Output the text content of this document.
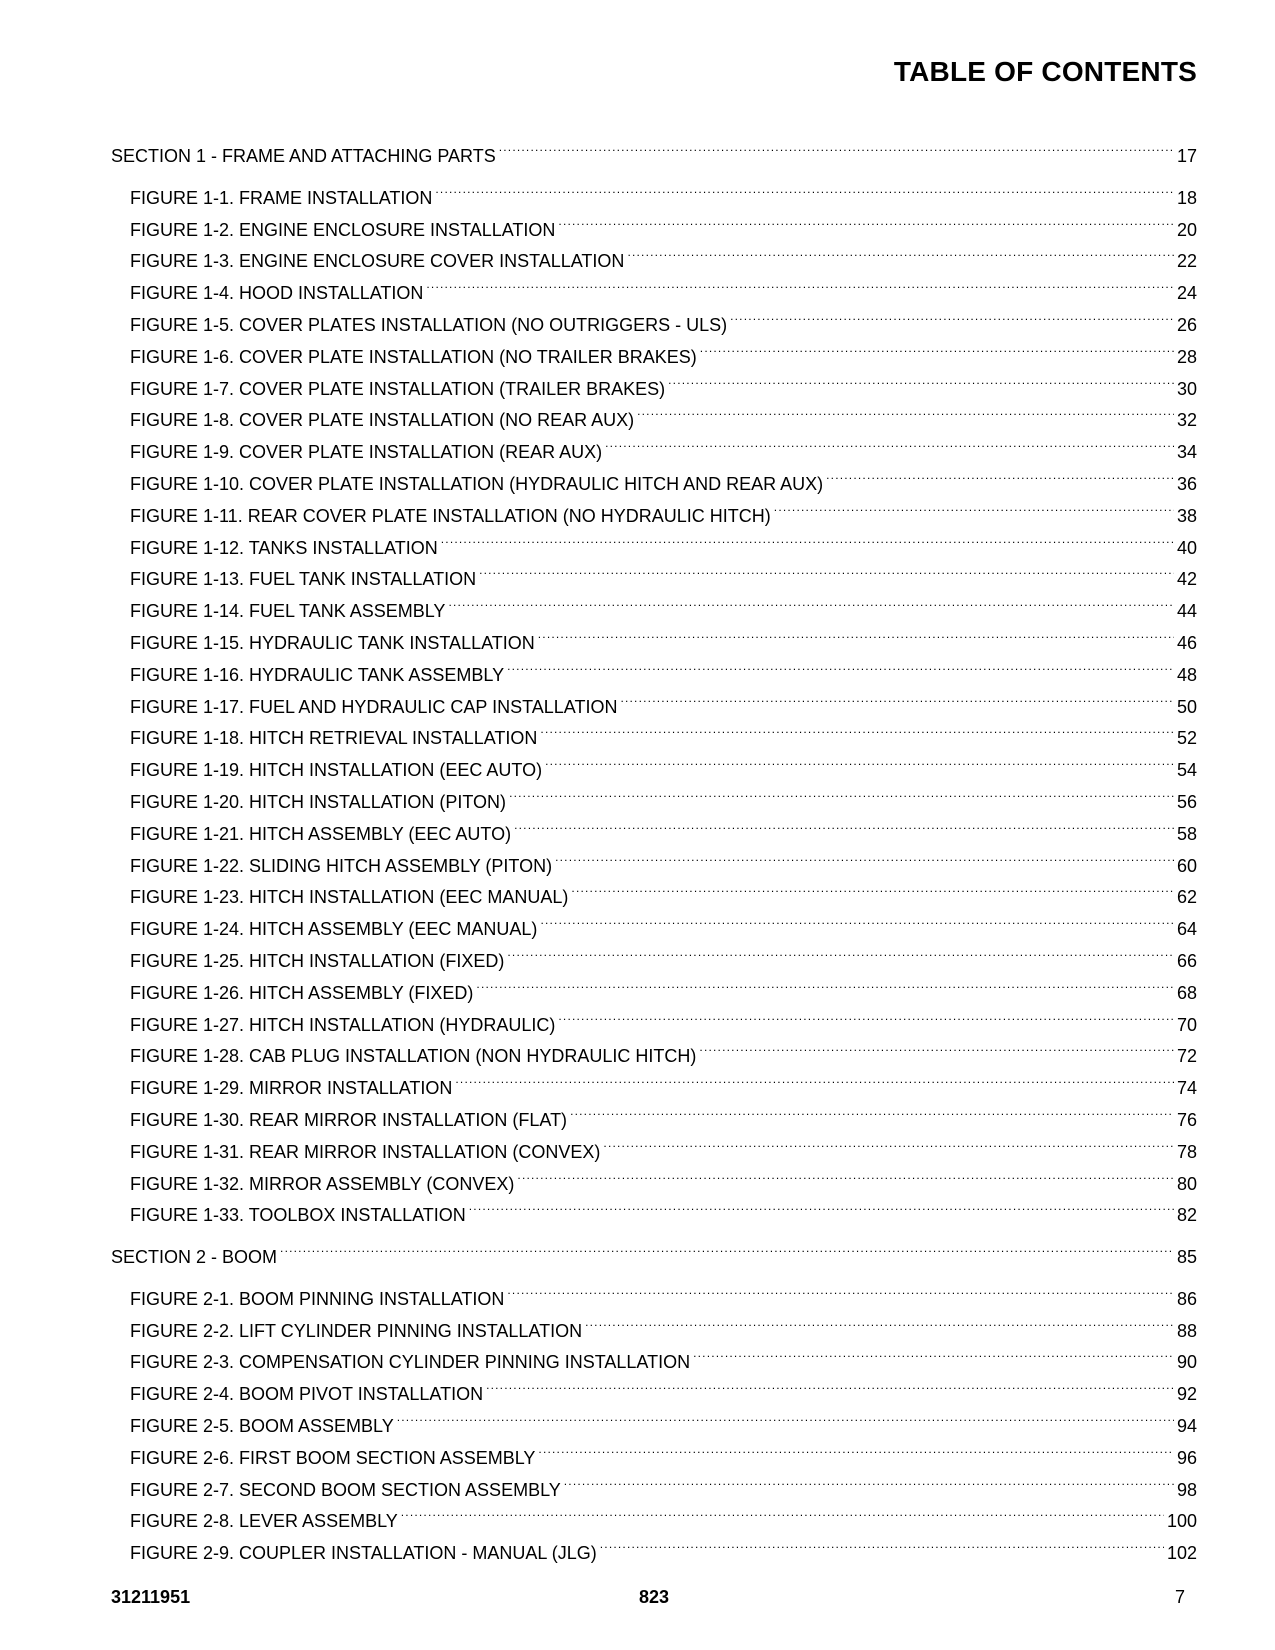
TABLE OF CONTENTS
SECTION 1 - FRAME AND ATTACHING PARTS .....	17
FIGURE 1-1. FRAME INSTALLATION .....	18
FIGURE 1-2. ENGINE ENCLOSURE INSTALLATION .....	20
FIGURE 1-3. ENGINE ENCLOSURE COVER INSTALLATION .....	22
FIGURE 1-4. HOOD INSTALLATION .....	24
FIGURE 1-5. COVER PLATES INSTALLATION (NO OUTRIGGERS - ULS) .....	26
FIGURE 1-6. COVER PLATE INSTALLATION (NO TRAILER BRAKES) .....	28
FIGURE 1-7. COVER PLATE INSTALLATION (TRAILER BRAKES) .....	30
FIGURE 1-8. COVER PLATE INSTALLATION (NO REAR AUX) .....	32
FIGURE 1-9. COVER PLATE INSTALLATION (REAR AUX) .....	34
FIGURE 1-10. COVER PLATE INSTALLATION (HYDRAULIC HITCH AND REAR AUX) .....	36
FIGURE 1-11. REAR COVER PLATE INSTALLATION (NO HYDRAULIC HITCH) .....	38
FIGURE 1-12. TANKS INSTALLATION .....	40
FIGURE 1-13. FUEL TANK INSTALLATION .....	42
FIGURE 1-14. FUEL TANK ASSEMBLY .....	44
FIGURE 1-15. HYDRAULIC TANK INSTALLATION .....	46
FIGURE 1-16. HYDRAULIC TANK ASSEMBLY .....	48
FIGURE 1-17. FUEL AND HYDRAULIC CAP INSTALLATION .....	50
FIGURE 1-18. HITCH RETRIEVAL INSTALLATION .....	52
FIGURE 1-19. HITCH INSTALLATION (EEC AUTO) .....	54
FIGURE 1-20. HITCH INSTALLATION (PITON) .....	56
FIGURE 1-21. HITCH ASSEMBLY (EEC AUTO) .....	58
FIGURE 1-22. SLIDING HITCH ASSEMBLY (PITON) .....	60
FIGURE 1-23. HITCH INSTALLATION (EEC MANUAL) .....	62
FIGURE 1-24. HITCH ASSEMBLY (EEC MANUAL) .....	64
FIGURE 1-25. HITCH INSTALLATION (FIXED) .....	66
FIGURE 1-26. HITCH ASSEMBLY (FIXED) .....	68
FIGURE 1-27. HITCH INSTALLATION (HYDRAULIC) .....	70
FIGURE 1-28. CAB PLUG INSTALLATION (NON HYDRAULIC HITCH) .....	72
FIGURE 1-29. MIRROR INSTALLATION .....	74
FIGURE 1-30. REAR MIRROR INSTALLATION (FLAT) .....	76
FIGURE 1-31. REAR MIRROR INSTALLATION (CONVEX) .....	78
FIGURE 1-32. MIRROR ASSEMBLY (CONVEX) .....	80
FIGURE 1-33. TOOLBOX INSTALLATION .....	82
SECTION 2 - BOOM .....	85
FIGURE 2-1. BOOM PINNING INSTALLATION .....	86
FIGURE 2-2. LIFT CYLINDER PINNING INSTALLATION .....	88
FIGURE 2-3. COMPENSATION CYLINDER PINNING INSTALLATION .....	90
FIGURE 2-4. BOOM PIVOT INSTALLATION .....	92
FIGURE 2-5. BOOM ASSEMBLY .....	94
FIGURE 2-6. FIRST BOOM SECTION ASSEMBLY .....	96
FIGURE 2-7. SECOND BOOM SECTION ASSEMBLY .....	98
FIGURE 2-8. LEVER ASSEMBLY .....	100
FIGURE 2-9. COUPLER INSTALLATION - MANUAL (JLG) .....	102
31211951	823	7
